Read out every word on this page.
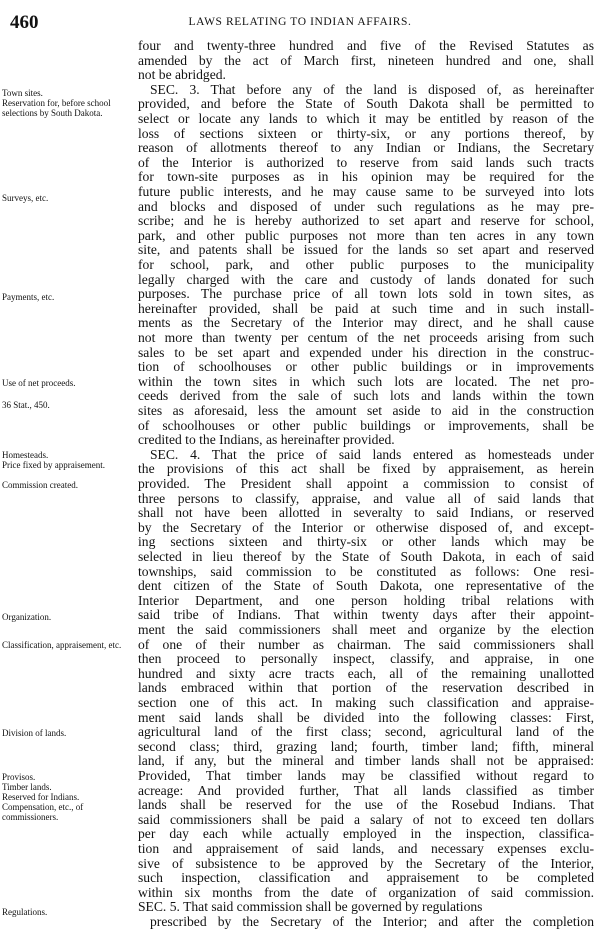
460	LAWS RELATING TO INDIAN AFFAIRS.
Town sites.
Reservation for, before school selections by South Dakota.
Surveys, etc.
Payments, etc.
Use of net proceeds.
36 Stat., 450.
Homesteads.
Price fixed by appraisement.
Commission created.
Organization.
Classification, appraisement, etc.
Division of lands.
Provisos.
Timber lands.
Reserved for Indians.
Compensation, etc., of commissioners.
Regulations.
four and twenty-three hundred and five of the Revised Statutes as
amended by the act of March first, nineteen hundred and one, shall
not be abridged.
SEC. 3. That before any of the land is disposed of, as hereinafter
provided, and before the State of South Dakota shall be permitted to
select or locate any lands to which it may be entitled by reason of the
loss of sections sixteen or thirty-six, or any portions thereof, by
reason of allotments thereof to any Indian or Indians, the Secretary
of the Interior is authorized to reserve from said lands such tracts
for town-site purposes as in his opinion may be required for the
future public interests, and he may cause same to be surveyed into lots
and blocks and disposed of under such regulations as he may pre-
scribe; and he is hereby authorized to set apart and reserve for school,
park, and other public purposes not more than ten acres in any town
site, and patents shall be issued for the lands so set apart and reserved
for school, park, and other public purposes to the municipality
legally charged with the care and custody of lands donated for such
purposes. The purchase price of all town lots sold in town sites, as
hereinafter provided, shall be paid at such time and in such install-
ments as the Secretary of the Interior may direct, and he shall cause
not more than twenty per centum of the net proceeds arising from such
sales to be set apart and expended under his direction in the construc-
tion of schoolhouses or other public buildings or in improvements
within the town sites in which such lots are located. The net pro-
ceeds derived from the sale of such lots and lands within the town
sites as aforesaid, less the amount set aside to aid in the construction
of schoolhouses or other public buildings or improvements, shall be
credited to the Indians, as hereinafter provided.
SEC. 4. That the price of said lands entered as homesteads under
the provisions of this act shall be fixed by appraisement, as herein
provided. The President shall appoint a commission to consist of
three persons to classify, appraise, and value all of said lands that
shall not have been allotted in severalty to said Indians, or reserved
by the Secretary of the Interior or otherwise disposed of, and except-
ing sections sixteen and thirty-six or other lands which may be
selected in lieu thereof by the State of South Dakota, in each of said
townships, said commission to be constituted as follows: One resi-
dent citizen of the State of South Dakota, one representative of the
Interior Department, and one person holding tribal relations with
said tribe of Indians. That within twenty days after their appoint-
ment the said commissioners shall meet and organize by the election
of one of their number as chairman. The said commissioners shall
then proceed to personally inspect, classify, and appraise, in one
hundred and sixty acre tracts each, all of the remaining unallotted
lands embraced within that portion of the reservation described in
section one of this act. In making such classification and appraise-
ment said lands shall be divided into the following classes: First,
agricultural land of the first class; second, agricultural land of the
second class; third, grazing land; fourth, timber land; fifth, mineral
land, if any, but the mineral and timber lands shall not be appraised:
Provided, That timber lands may be classified without regard to
acreage: And provided further, That all lands classified as timber
lands shall be reserved for the use of the Rosebud Indians. That
said commissioners shall be paid a salary of not to exceed ten dollars
per day each while actually employed in the inspection, classifica-
tion and appraisement of said lands, and necessary expenses exclu-
sive of subsistence to be approved by the Secretary of the Interior,
such inspection, classification and appraisement to be completed
within six months from the date of organization of said commission.
SEC. 5. That said commission shall be governed by regulations
prescribed by the Secretary of the Interior; and after the completion
